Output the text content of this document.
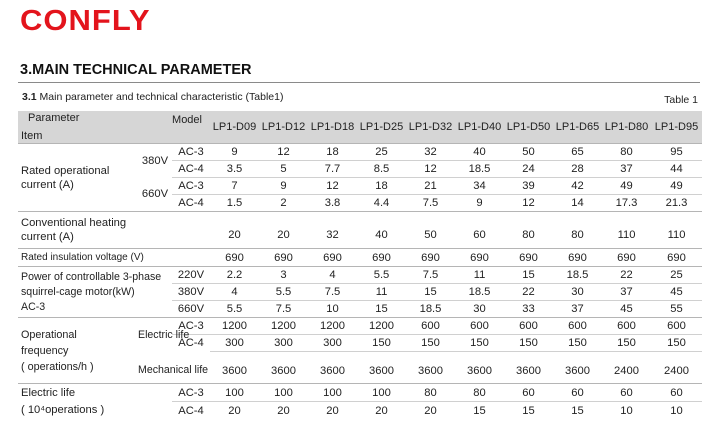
CONFLY
3.MAIN TECHNICAL PARAMETER
3.1 Main parameter and technical characteristic (Table1)	Table 1
Parameter Model
Item			LP1-D09	LP1-D12	LP1-D18	LP1-D25	LP1-D32	LP1-D40	LP1-D50	LP1-D65	LP1-D80	LP1-D95
Rated operational
current (A)	380V	AC-3	9	12	18	25	32	40	50	65	80	95
		AC-4	3.5	5	7.7	8.5	12	18.5	24	28	37	44
	660V	AC-3	7	9	12	18	21	34	39	42	49	49
		AC-4	1.5	2	3.8	4.4	7.5	9	12	14	17.3	21.3
Conventional heating
current (A)			20	20	32	40	50	60	80	80	110	110
Rated insulation voltage (V)			690	690	690	690	690	690	690	690	690	690
Power of controllable 3-phase
squirrel-cage motor(kW)
AC-3		220V	2.2	3	4	5.5	7.5	11	15	18.5	22	25
		380V	4	5.5	7.5	11	15	18.5	22	30	37	45
		660V	5.5	7.5	10	15	18.5	30	33	37	45	55
Operational
frequency
( operations/h )	Electric life	AC-3	1200	1200	1200	1200	600	600	600	600	600	600
		AC-4	300	300	300	150	150	150	150	150	150	150
	Mechanical life		3600	3600	3600	3600	3600	3600	3600	3600	2400	2400
Electric life
( 10⁴operations )		AC-3	100	100	100	100	80	80	60	60	60	60
		AC-4	20	20	20	20	20	15	15	15	10	10
